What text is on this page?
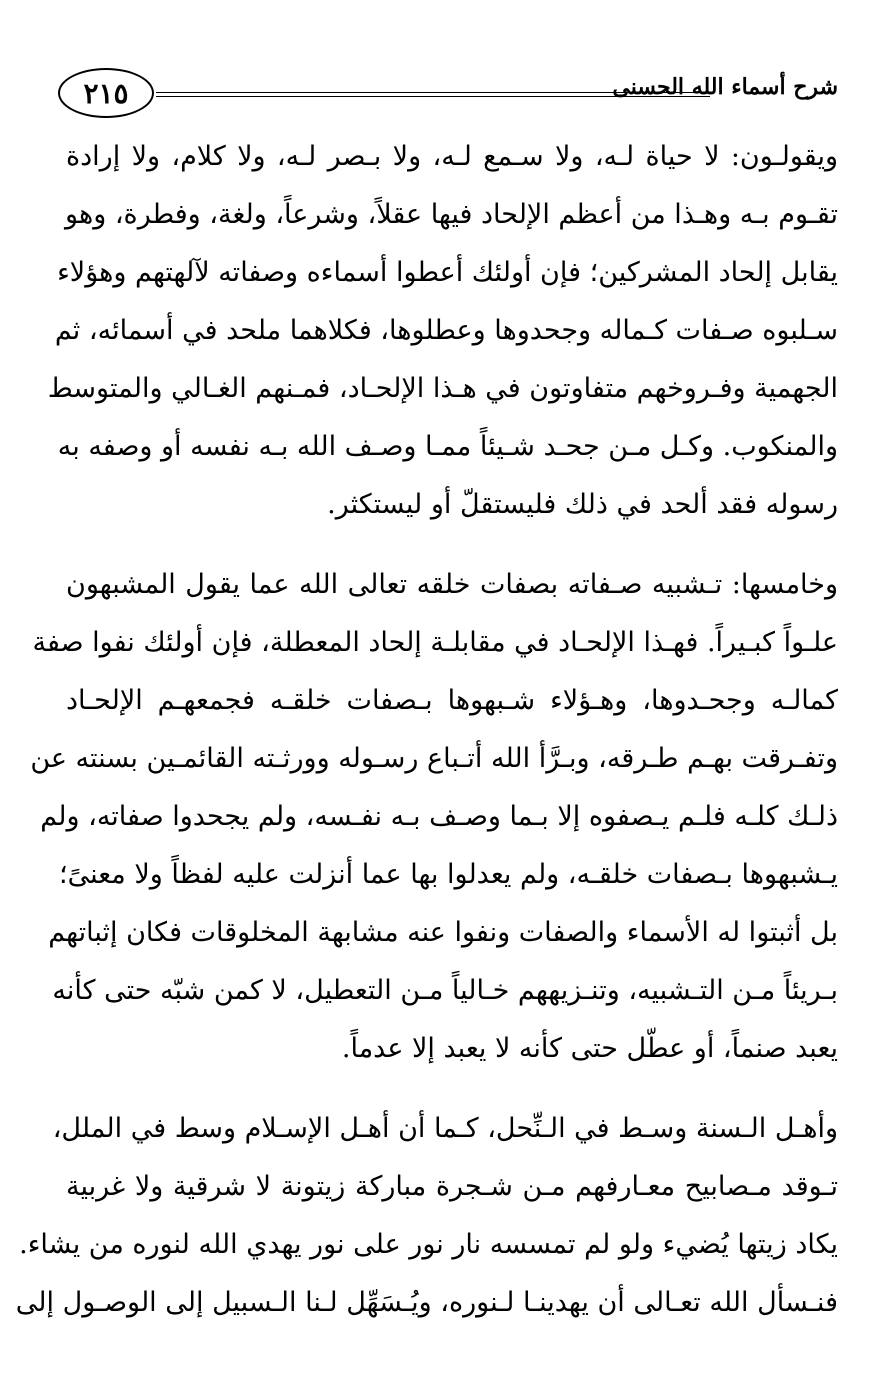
٢١٥	شرح أسماء الله الحسنى
ويقولـون: لا حياة لـه، ولا سـمع لـه، ولا بـصر لـه، ولا كلام، ولا إرادة
تقـوم بـه وهـذا من أعظم الإلحاد فيها عقلاً، وشرعاً، ولغة، وفطرة، وهو
يقابل إلحاد المشركين؛ فإن أولئك أعطوا أسماءه وصفاته لآلهتهم وهؤلاء
سـلبوه صـفات كـماله وجحدوها وعطلوها، فكلاهما ملحد في أسمائه، ثم
الجهمية وفـروخهم متفاوتون في هـذا الإلحـاد، فمـنهم الغـالي والمتوسط
والمنكوب. وكـل مـن جحـد شـيئاً ممـا وصـف الله بـه نفسه أو وصفه به
رسوله فقد ألحد في ذلك فليستقلّ أو ليستكثر.
وخامسها: تـشبيه صـفاته بصفات خلقه تعالى الله عما يقول المشبهون
علـواً كبـيراً. فهـذا الإلحـاد في مقابلـة إلحاد المعطلة، فإن أولئك نفوا صفة
كمالـه وجحـدوها، وهـؤلاء شـبهوها بـصفات خلقـه فجمعهـم الإلحـاد
وتفـرقت بهـم طـرقه، وبـرَّأ الله أتـباع رسـوله وورثـته القائمـين بسنته عن
ذلـك كلـه فلـم يـصفوه إلا بـما وصـف بـه نفـسه، ولم يجحدوا صفاته، ولم
يـشبهوها بـصفات خلقـه، ولم يعدلوا بها عما أنزلت عليه لفظاً ولا معنىً؛
بل أثبتوا له الأسماء والصفات ونفوا عنه مشابهة المخلوقات فكان إثباتهم
بـريئاً مـن التـشبيه، وتنـزيههم خـالياً مـن التعطيل، لا كمن شبّه حتى كأنه
يعبد صنماً، أو عطّل حتى كأنه لا يعبد إلا عدماً.
وأهـل الـسنة وسـط في الـنِّحل، كـما أن أهـل الإسـلام وسط في الملل،
تـوقد مـصابيح معـارفهم مـن شـجرة مباركة زيتونة لا شرقية ولا غربية
يكاد زيتها يُضيء ولو لم تمسسه نار نور على نور يهدي الله لنوره من يشاء.
فنـسأل الله تعـالى أن يهدينـا لـنوره، ويُـسَهِّل لـنا الـسبيل إلى الوصـول إلى
